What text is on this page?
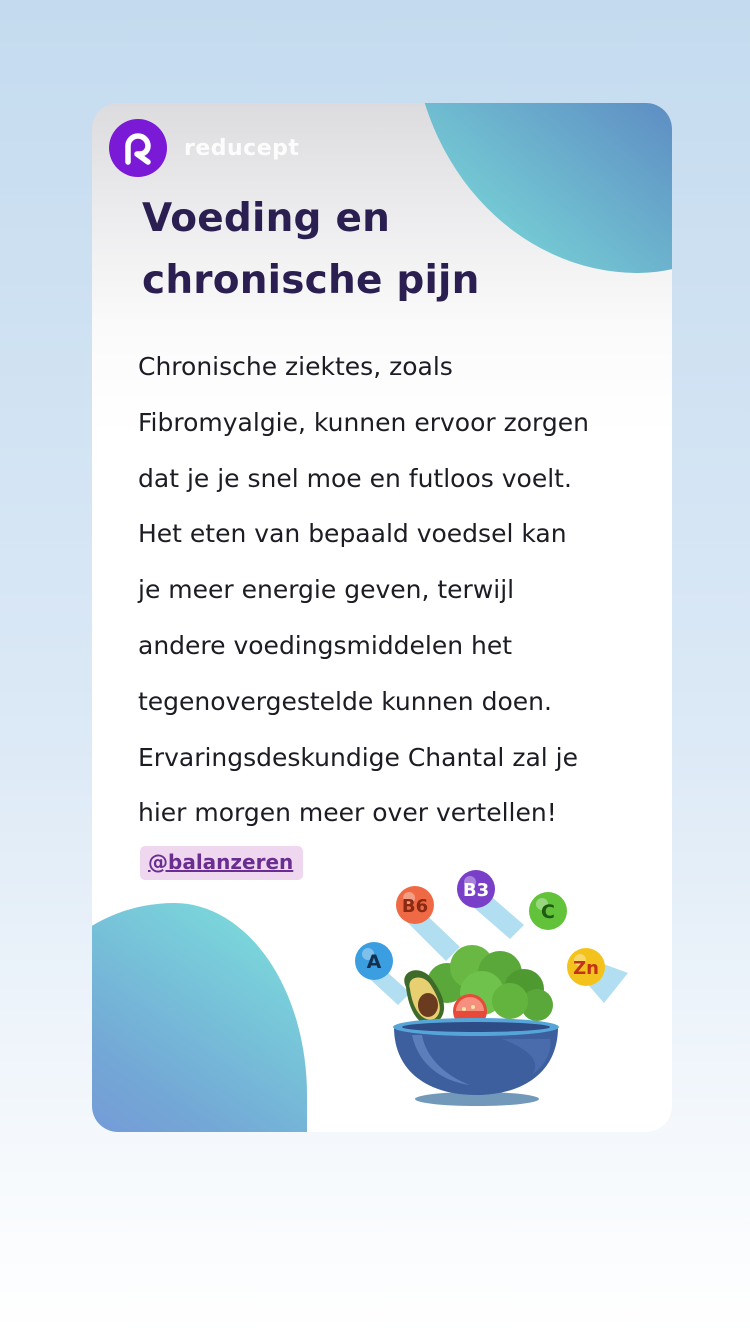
reducept
Voeding en
chronische pijn

Chronische ziektes, zoals
Fibromyalgie, kunnen ervoor zorgen
dat je je snel moe en futloos voelt.
Het eten van bepaald voedsel kan
je meer energie geven, terwijl
andere voedingsmiddelen het
tegenovergestelde kunnen doen.
Ervaringsdeskundige Chantal zal je
hier morgen meer over vertellen!

@balanzeren
B6
B3
C
A	Zn
